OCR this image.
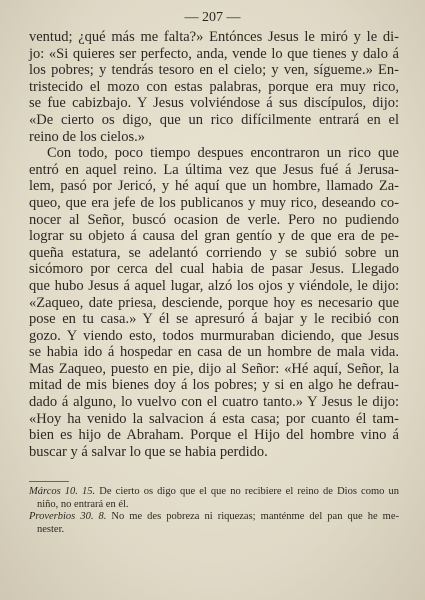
— 207 —
ventud; ¿qué más me falta?» Entónces Jesus le miró y le di-
jo: «Si quieres ser perfecto, anda, vende lo que tienes y dalo á
los pobres; y tendrás tesoro en el cielo; y ven, sígueme.» En-
tristecido el mozo con estas palabras, porque era muy rico,
se fue cabizbajo. Y Jesus volviéndose á sus discípulos, dijo:
«De cierto os digo, que un rico difícilmente entrará en el
reino de los cielos.»
Con todo, poco tiempo despues encontraron un rico que
entró en aquel reino. La última vez que Jesus fué á Jerusa-
lem, pasó por Jericó, y hé aquí que un hombre, llamado Za-
queo, que era jefe de los publicanos y muy rico, deseando co-
nocer al Señor, buscó ocasion de verle. Pero no pudiendo
lograr su objeto á causa del gran gentío y de que era de pe-
queña estatura, se adelantó corriendo y se subió sobre un
sicómoro por cerca del cual habia de pasar Jesus. Llegado
que hubo Jesus á aquel lugar, alzó los ojos y viéndole, le dijo:
«Zaqueo, date priesa, desciende, porque hoy es necesario que
pose en tu casa.» Y él se apresuró á bajar y le recibió con
gozo. Y viendo esto, todos murmuraban diciendo, que Jesus
se habia ido á hospedar en casa de un hombre de mala vida.
Mas Zaqueo, puesto en pie, dijo al Señor: «Hé aquí, Señor, la
mitad de mis bienes doy á los pobres; y si en algo he defrau-
dado á alguno, lo vuelvo con el cuatro tanto.» Y Jesus le dijo:
«Hoy ha venido la salvacion á esta casa; por cuanto él tam-
bien es hijo de Abraham. Porque el Hijo del hombre vino á
buscar y á salvar lo que se habia perdido.
Márcos 10. 15. De cierto os digo que el que no recibiere el reino de Dios como un
niño, no entrará en él.
Proverbios 30. 8. No me des pobreza ni riquezas; manténme del pan que he me-
nester.
